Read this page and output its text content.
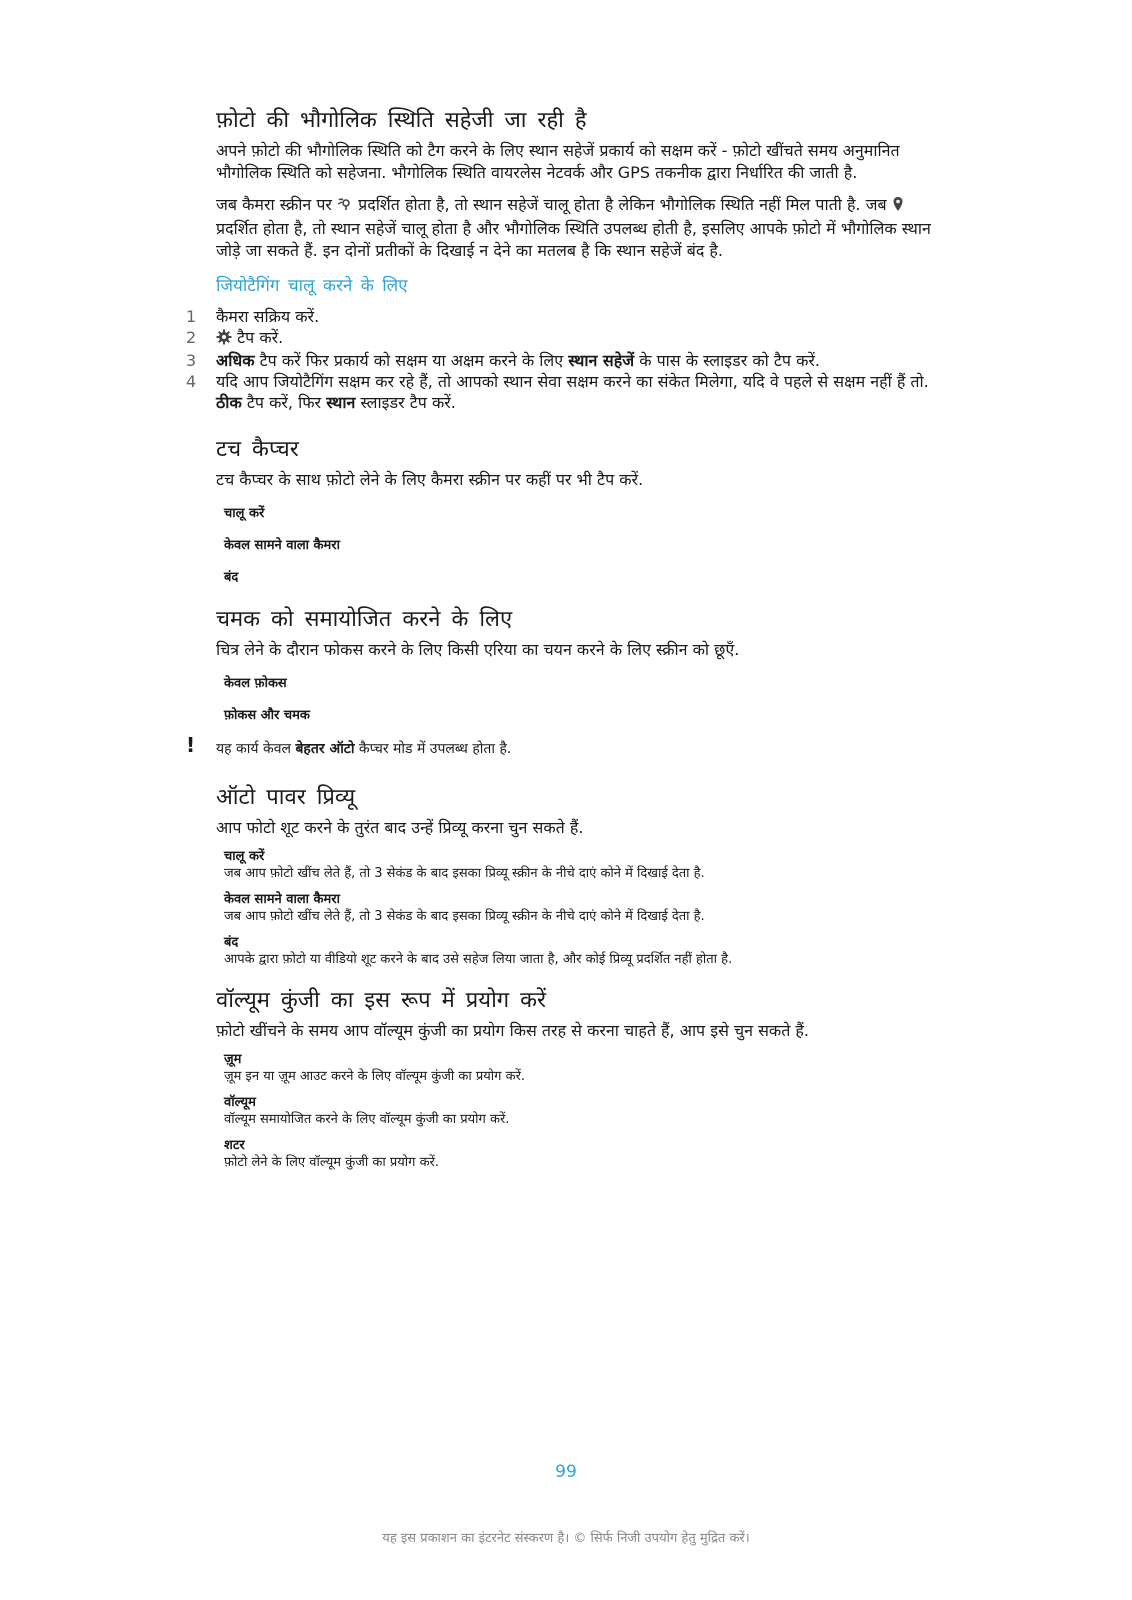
फ़ोटो की भौगोलिक स्थिति सहेजी जा रही है

अपने फ़ोटो की भौगोलिक स्थिति को टैग करने के लिए स्थान सहेजें प्रकार्य को सक्षम करें - फ़ोटो खींचते समय अनुमानित भौगोलिक स्थिति को सहेजना. भौगोलिक स्थिति वायरलेस नेटवर्क और GPS तकनीक द्वारा निर्धारित की जाती है.

जब कैमरा स्क्रीन पर प्रदर्शित होता है, तो स्थान सहेजें चालू होता है लेकिन भौगोलिक स्थिति नहीं मिल पाती है. जब  प्रदर्शित होता है, तो स्थान सहेजें चालू होता है और भौगोलिक स्थिति उपलब्ध होती है, इसलिए आपके फ़ोटो में भौगोलिक स्थान जोड़े जा सकते हैं. इन दोनों प्रतीकों के दिखाई न देने का मतलब है कि स्थान सहेजें बंद है.

जियोटैगिंग चालू करने के लिए
1 कैमरा सक्रिय करें.
2	टैप करें.
3 अधिक टैप करें फिर प्रकार्य को सक्षम या अक्षम करने के लिए स्थान सहेजें के पास के स्लाइडर को टैप करें.
4 यदि आप जियोटैगिंग सक्षम कर रहे हैं, तो आपको स्थान सेवा सक्षम करने का संकेत मिलेगा, यदि वे पहले से सक्षम नहीं हैं तो. ठीक टैप करें, फिर स्थान स्लाइडर टैप करें.
टच कैप्चर

टच कैप्चर के साथ फ़ोटो लेने के लिए कैमरा स्क्रीन पर कहीं पर भी टैप करें.

चालू करें
केवल सामने वाला कैमरा
बंद
चमक को समायोजित करने के लिए

चित्र लेने के दौरान फोकस करने के लिए किसी एरिया का चयन करने के लिए स्क्रीन को छूएँ.

केवल फ़ोकस
फ़ोकस और चमक
! यह कार्य केवल बेहतर ऑटो कैप्चर मोड में उपलब्ध होता है.
ऑटो पावर प्रिव्यू

आप फोटो शूट करने के तुरंत बाद उन्हें प्रिव्यू करना चुन सकते हैं.

चालू करें
जब आप फ़ोटो खींच लेते हैं, तो 3 सेकंड के बाद इसका प्रिव्यू स्क्रीन के नीचे दाएं कोने में दिखाई देता है.
केवल सामने वाला कैमरा
जब आप फ़ोटो खींच लेते हैं, तो 3 सेकंड के बाद इसका प्रिव्यू स्क्रीन के नीचे दाएं कोने में दिखाई देता है.
बंद
आपके द्वारा फ़ोटो या वीडियो शूट करने के बाद उसे सहेज लिया जाता है, और कोई प्रिव्यू प्रदर्शित नहीं होता है.
वॉल्यूम कुंजी का इस रूप में प्रयोग करें

फ़ोटो खींचने के समय आप वॉल्यूम कुंजी का प्रयोग किस तरह से करना चाहते हैं, आप इसे चुन सकते हैं.

ज़ूम
ज़ूम इन या ज़ूम आउट करने के लिए वॉल्यूम कुंजी का प्रयोग करें.
वॉल्यूम
वॉल्यूम समायोजित करने के लिए वॉल्यूम कुंजी का प्रयोग करें.
शटर
फ़ोटो लेने के लिए वॉल्यूम कुंजी का प्रयोग करें.
99
यह इस प्रकाशन का इंटरनेट संस्करण है। © सिर्फ निजी उपयोग हेतु मुद्रित करें।
